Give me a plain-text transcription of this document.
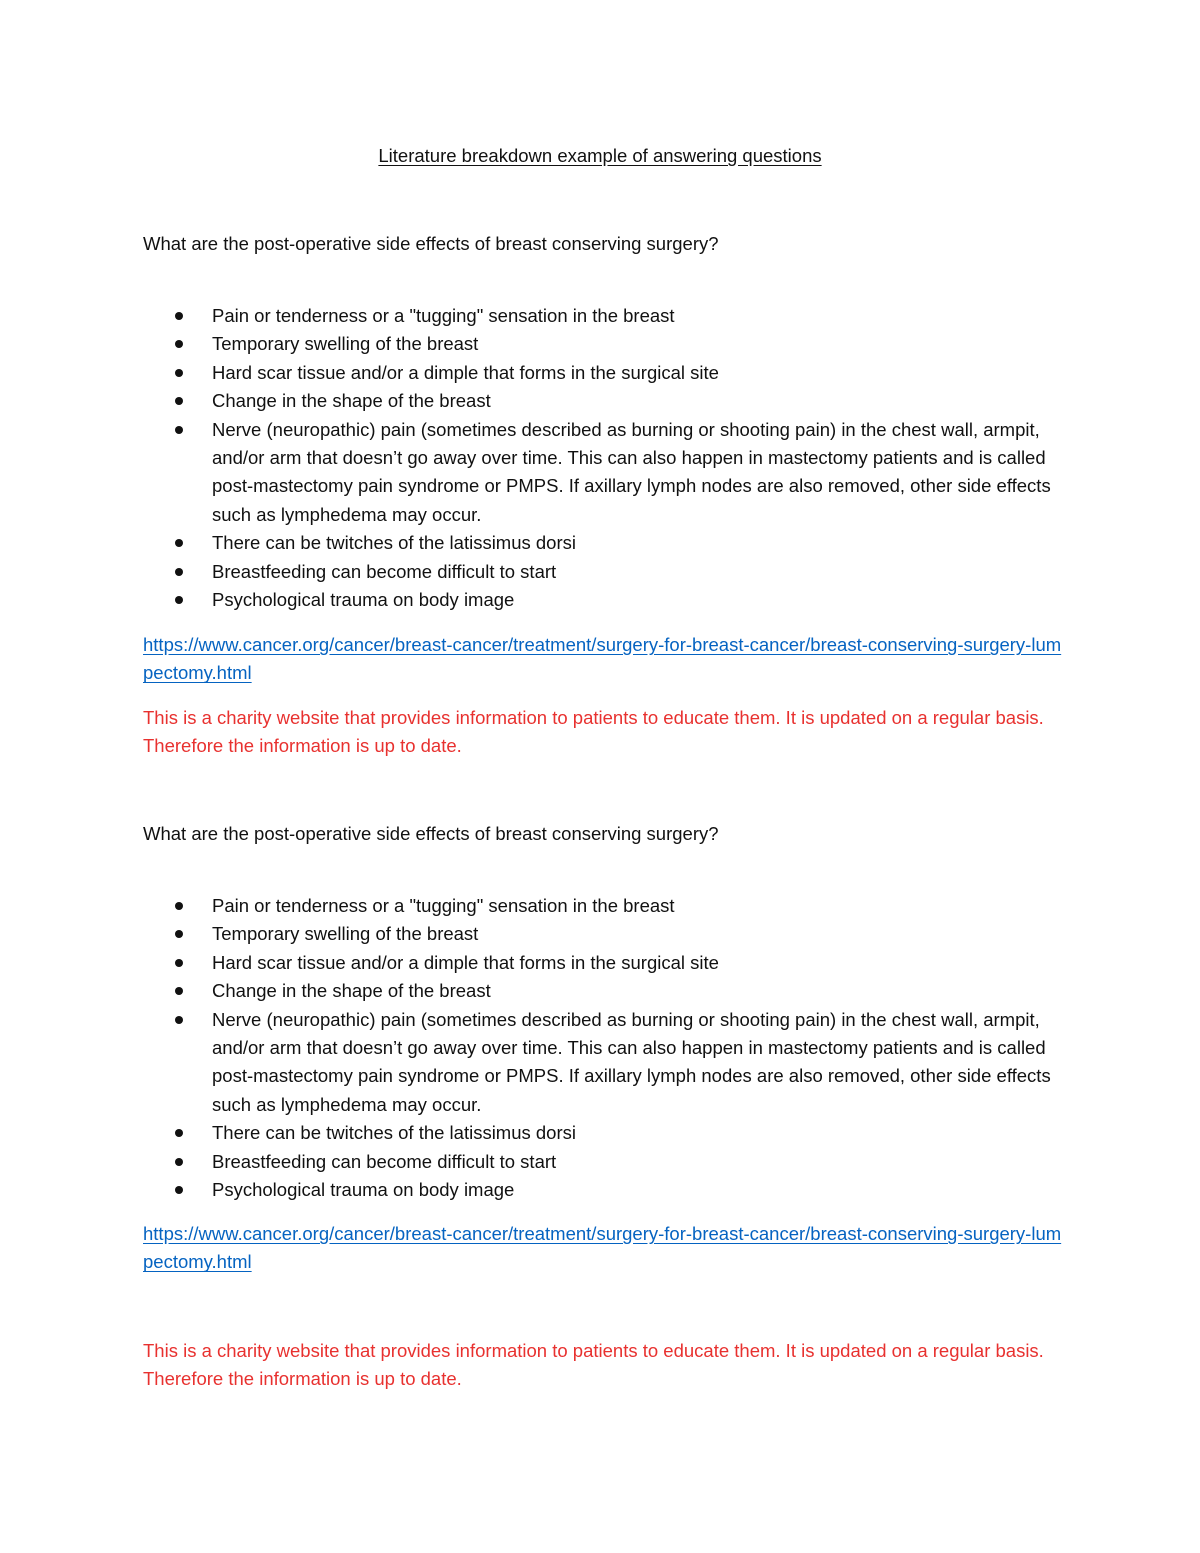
Literature breakdown example of answering questions
What are the post-operative side effects of breast conserving surgery?
Pain or tenderness or a "tugging" sensation in the breast
Temporary swelling of the breast
Hard scar tissue and/or a dimple that forms in the surgical site
Change in the shape of the breast
Nerve (neuropathic) pain (sometimes described as burning or shooting pain) in the chest wall, armpit, and/or arm that doesn’t go away over time. This can also happen in mastectomy patients and is called post-mastectomy pain syndrome or PMPS. If axillary lymph nodes are also removed, other side effects such as lymphedema may occur.
There can be twitches of the latissimus dorsi
Breastfeeding can become difficult to start
Psychological trauma on body image
https://www.cancer.org/cancer/breast-cancer/treatment/surgery-for-breast-cancer/breast-conserving-surgery-lumpectomy.html
This is a charity website that provides information to patients to educate them. It is updated on a regular basis. Therefore the information is up to date.
What are the post-operative side effects of breast conserving surgery?
Pain or tenderness or a "tugging" sensation in the breast
Temporary swelling of the breast
Hard scar tissue and/or a dimple that forms in the surgical site
Change in the shape of the breast
Nerve (neuropathic) pain (sometimes described as burning or shooting pain) in the chest wall, armpit, and/or arm that doesn’t go away over time. This can also happen in mastectomy patients and is called post-mastectomy pain syndrome or PMPS. If axillary lymph nodes are also removed, other side effects such as lymphedema may occur.
There can be twitches of the latissimus dorsi
Breastfeeding can become difficult to start
Psychological trauma on body image
https://www.cancer.org/cancer/breast-cancer/treatment/surgery-for-breast-cancer/breast-conserving-surgery-lumpectomy.html
This is a charity website that provides information to patients to educate them. It is updated on a regular basis. Therefore the information is up to date.
